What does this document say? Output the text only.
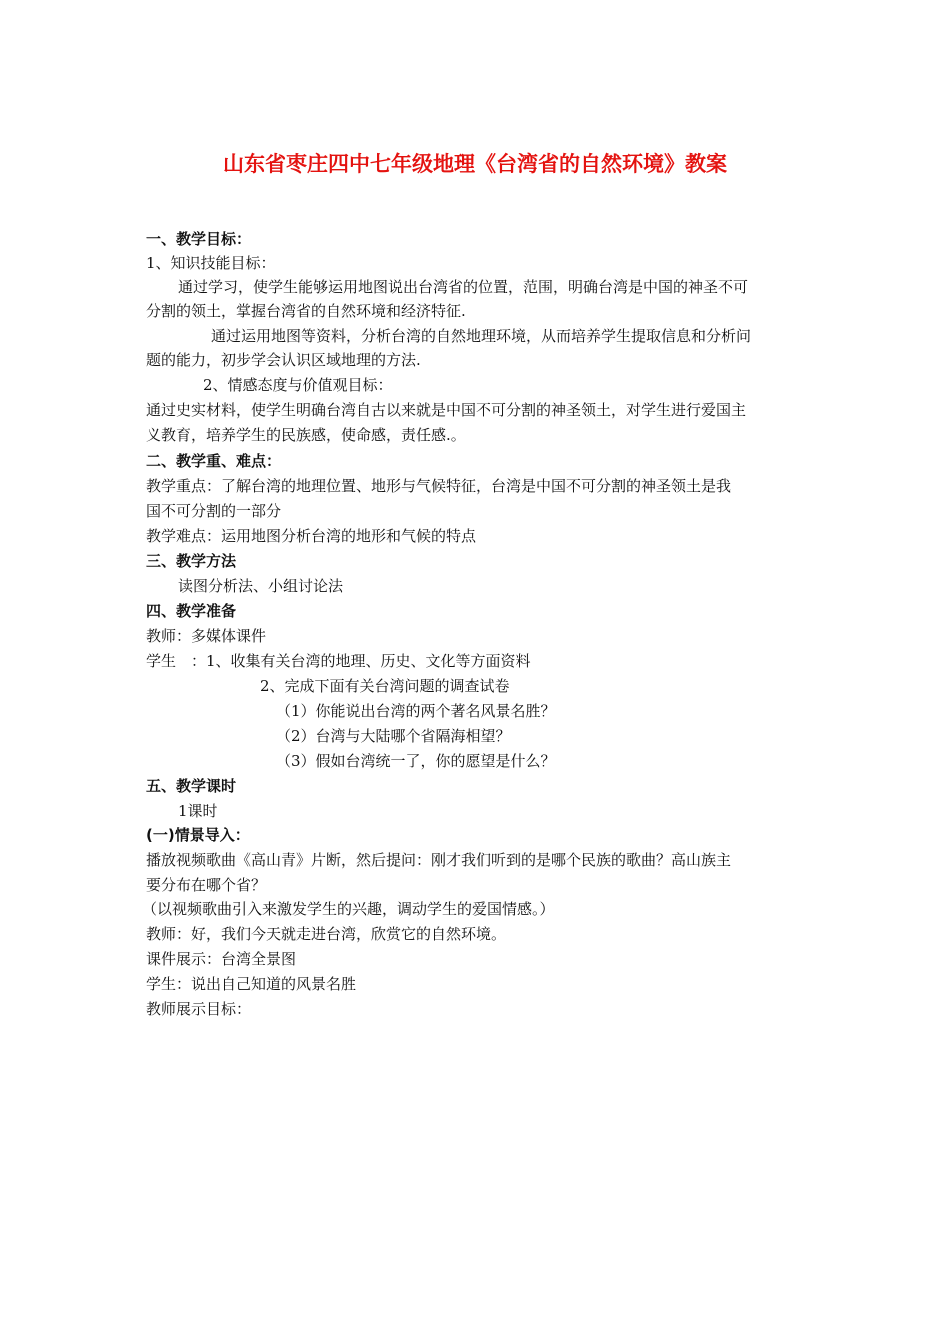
山东省枣庄四中七年级地理《台湾省的自然环境》教案
一、教学目标：
1、知识技能目标：
通过学习，使学生能够运用地图说出台湾省的位置，范围，明确台湾是中国的神圣不可
分割的领土，掌握台湾省的自然环境和经济特征.
通过运用地图等资料，分析台湾的自然地理环境，从而培养学生提取信息和分析问
题的能力，初步学会认识区域地理的方法.
2、情感态度与价值观目标：
通过史实材料，使学生明确台湾自古以来就是中国不可分割的神圣领土，对学生进行爱国主
义教育，培养学生的民族感，使命感，责任感.。
二、教学重、难点：
教学重点：了解台湾的地理位置、地形与气候特征，台湾是中国不可分割的神圣领土是我
国不可分割的一部分
教学难点：运用地图分析台湾的地形和气候的特点
三、教学方法
读图分析法、小组讨论法
四、教学准备
教师：多媒体课件
学生　：1、收集有关台湾的地理、历史、文化等方面资料
2、完成下面有关台湾问题的调查试卷
（1）你能说出台湾的两个著名风景名胜？
（2）台湾与大陆哪个省隔海相望？
（3）假如台湾统一了，你的愿望是什么？
五、教学课时
1课时
(一)情景导入：
播放视频歌曲《高山青》片断，然后提问：刚才我们听到的是哪个民族的歌曲？高山族主
要分布在哪个省？
（以视频歌曲引入来激发学生的兴趣，调动学生的爱国情感。）
教师：好，我们今天就走进台湾，欣赏它的自然环境。
课件展示：台湾全景图
学生：说出自己知道的风景名胜
教师展示目标：
